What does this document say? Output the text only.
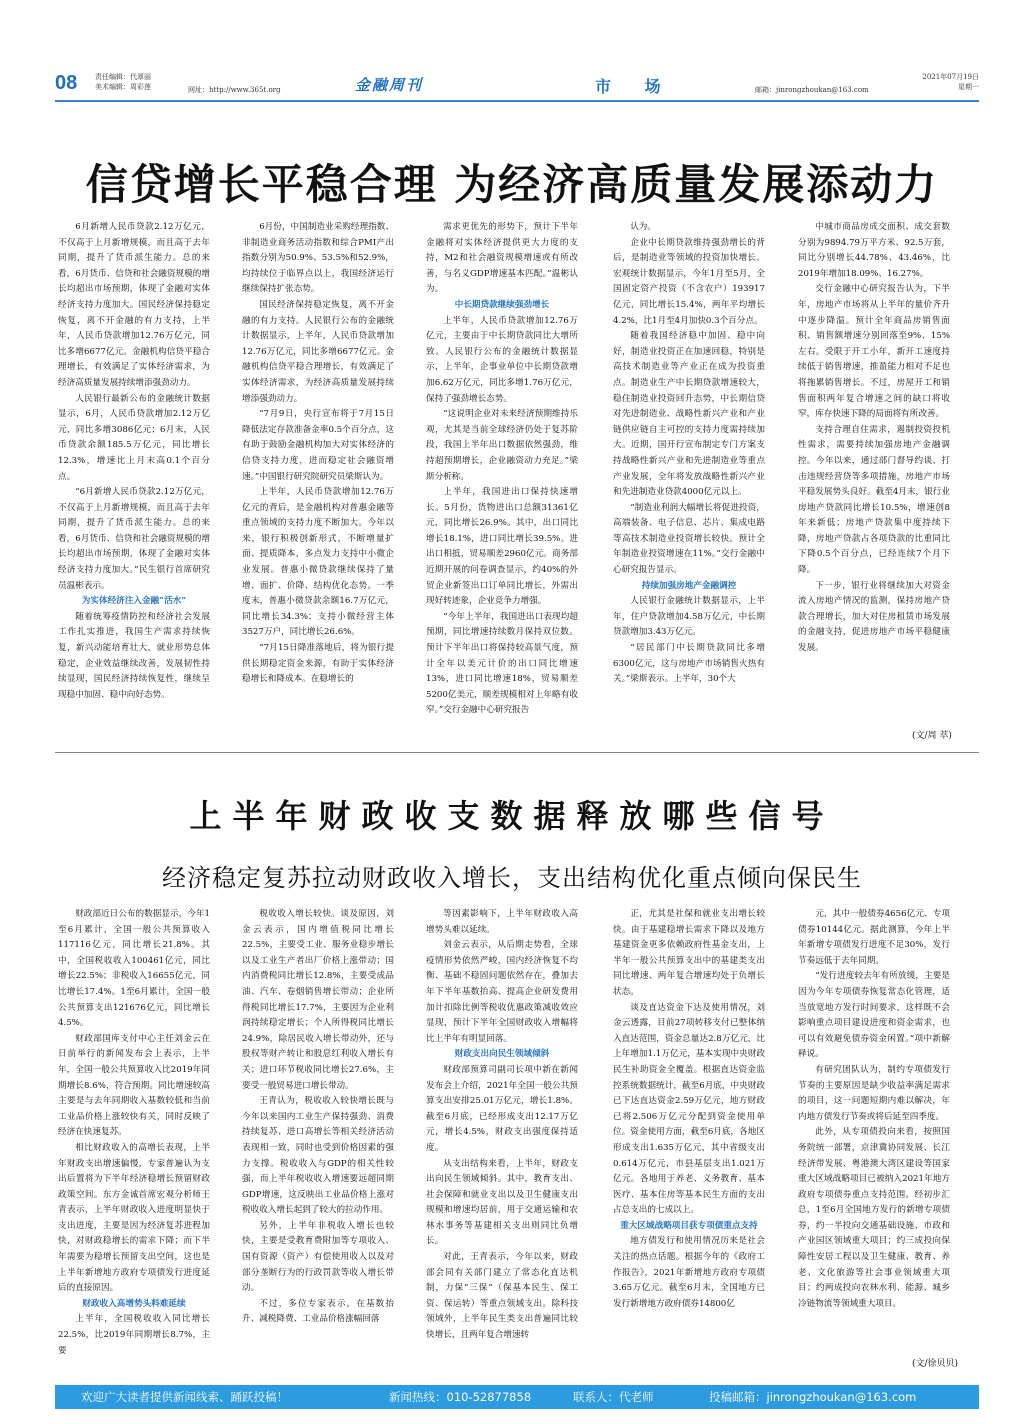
08	责任编辑：代翠丽
美术编辑：周彩莲	网址：http://www.365t.org	金融周刊	市 场	邮箱：jinrongzhoukan@163.com
2021年07月19日
星期一
信贷增长平稳合理 为经济高质量发展添动力

6月新增人民币贷款2.12万亿元，不仅高于上月新增规模，而且高于去年同期，提升了货币派生能力。总的来看，6月货币、信贷和社会融资规模的增长均超出市场预期，体现了金融对实体经济支持力度加大。国民经济保持稳定恢复，离不开金融的有力支持，上半年，人民币贷款增加12.76万亿元，同比多增6677亿元。金融机构信贷平稳合理增长，有效满足了实体经济需求，为经济高质量发展持续增添强劲动力。

人民银行最新公布的金融统计数据显示，6月，人民币贷款增加2.12万亿元，同比多增3086亿元；6月末，人民币贷款余额185.5万亿元，同比增长12.3%，增速比上月末高0.1个百分点。

“6月新增人民币贷款2.12万亿元，不仅高于上月新增规模，而且高于去年同期，提升了货币派生能力。总的来看，6月货币、信贷和社会融资规模的增长均超出市场预期，体现了金融对实体经济支持力度加大。”民生银行首席研究员温彬表示。

为实体经济注入金融“活水”

随着统筹疫情防控和经济社会发展工作扎实推进，我国生产需求持续恢复，新兴动能培育壮大，就业形势总体稳定，企业效益继续改善，发展韧性持续显现，国民经济持续恢复性，继续呈现稳中加固、稳中向好态势。

6月份，中国制造业采购经理指数、非制造业商务活动指数和综合PMI产出指数分别为50.9%、53.5%和52.9%，均持续位于临界点以上，我国经济运行继续保持扩张态势。

国民经济保持稳定恢复，离不开金融的有力支持。人民银行公布的金融统计数据显示，上半年，人民币贷款增加12.76万亿元，同比多增6677亿元。金融机构信贷平稳合理增长，有效满足了实体经济需求，为经济高质量发展持续增添强劲动力。

“7月9日，央行宣布将于7月15日降低法定存款准备金率0.5个百分点，这有助于鼓励金融机构加大对实体经济的信贷支持力度，进而稳定社会融资增速。”中国银行研究院研究员梁斯认为。

上半年，人民币贷款增加12.76万亿元的背后，是金融机构对普惠金融等重点领域的支持力度不断加大。今年以来，银行积极创新形式，不断增量扩面、提质降本，多点发力支持中小微企业发展。普惠小微贷款继续保持了量增、面扩、价降、结构优化态势。一季度末，普惠小微贷款余额16.7万亿元，同比增长34.3%；支持小微经营主体3527万户，同比增长26.6%。

“7月15日降准落地后，将为银行提供长期稳定资金来源，有助于实体经济稳增长和降成本。在稳增长的

需求更优先的形势下，预计下半年金融将对实体经济提供更大力度的支持，M2和社会融资规模增速或有所改善，与名义GDP增速基本匹配。”温彬认为。

中长期贷款继续强劲增长

上半年，人民币贷款增加12.76万亿元，主要由于中长期贷款同比大增所致。人民银行公布的金融统计数据显示，上半年，企事业单位中长期贷款增加6.62万亿元，同比多增1.76万亿元，保持了强劲增长态势。

“这说明企业对未来经济预期维持乐观，尤其是当前全球经济仍处于复苏阶段，我国上半年出口数据依然强劲，维持超预期增长，企业融资动力充足。”梁斯分析称。

上半年，我国进出口保持快速增长。5月份，货物进出口总额31361亿元，同比增长26.9%。其中，出口同比增长18.1%，进口同比增长39.5%。进出口相抵，贸易顺差2960亿元。商务部近期开展的问卷调查显示，约40%的外贸企业新签出口订单同比增长，外需出现好转迹象，企业竞争力增强。

“今年上半年，我国进出口表现均超预期，同比增速持续数月保持双位数。预计下半年出口将保持较高景气度，预计全年以美元计价的出口同比增速13%，进口同比增速18%，贸易顺差5200亿美元，顺差规模相对上年略有收窄。”交行金融中心研究报告

认为。

企业中长期贷款维持强劲增长的背后，是制造业等领域的投资加快增长。宏观统计数据显示，今年1月至5月，全国固定资产投资（不含农户）193917亿元，同比增长15.4%，两年平均增长4.2%，比1月至4月加快0.3个百分点。

随着我国经济稳中加固、稳中向好，制造业投资正在加速回稳，特别是高技术制造业等产业正在成为投资重点。制造业生产中长期贷款增速较大，稳住制造业投资回升态势，中长期信贷对先进制造业、战略性新兴产业和产业链供应链自主可控的支持力度需持续加大。近期，国开行宣布制定专门方案支持战略性新兴产业和先进制造业等重点产业发展，全年将发放战略性新兴产业和先进制造业贷款4000亿元以上。

“制造业利润大幅增长将促进投资，高端装备、电子信息、芯片、集成电路等高技术制造业投资增长较快。预计全年制造业投资增速在11%。”交行金融中心研究报告显示。

持续加强房地产金融调控

人民银行金融统计数据显示，上半年，住户贷款增加4.58万亿元，中长期贷款增加3.43万亿元。

“居民部门中长期贷款同比多增6300亿元，这与房地产市场销售火热有关。”梁斯表示。上半年，30个大

中城市商品房成交面积、成交套数分别为9894.79万平方米、92.5万套，同比分别增长44.78%、43.46%，比2019年增加18.09%、16.27%。

交行金融中心研究报告认为，下半年，房地产市场将从上半年的量价齐升中逐步降温。预计全年商品房销售面积、销售额增速分别回落至9%、15%左右。受限于开工小年，新开工速度持续低于销售增速，推盈能力相对不足也将拖累销售增长。不过，房屋开工和销售面积两年复合增速之间的缺口将收窄，库存快速下降的局面将有所改善。

支持合理自住需求，遏制投资投机性需求，需要持续加强房地产金融调控。今年以来，通过部门督导约谈、打击违规经营贷等多项措施，房地产市场平稳发展势头良好。截至4月末，银行业房地产贷款同比增长10.5%，增速创8年来新低；房地产贷款集中度持续下降，房地产贷款占各项贷款的比重同比下降0.5个百分点，已经连续7个月下降。

下一步，银行业将继续加大对资金流入房地产情况的监测，保持房地产贷款合理增长，加大对住房租赁市场发展的金融支持，促进房地产市场平稳健康发展。

(文/周 萃)
上半年财政收支数据释放哪些信号
经济稳定复苏拉动财政收入增长，支出结构优化重点倾向保民生

财政部近日公布的数据显示，今年1至6月累计，全国一般公共预算收入117116亿元，同比增长21.8%。其中，全国税收收入100461亿元，同比增长22.5%；非税收入16655亿元，同比增长17.4%。1至6月累计，全国一般公共预算支出121676亿元，同比增长4.5%。

财政部国库支付中心主任刘金云在日前举行的新闻发布会上表示，上半年，全国一般公共预算收入比2019年同期增长8.6%，符合预期。同比增速较高主要是与去年同期收入基数较低和当前工业品价格上涨较快有关，同时反映了经济在快速复苏。

相比财政收入的高增长表现，上半年财政支出增速偏慢，专家普遍认为支出后置将为下半年经济稳增长预留财政政策空间。东方金诚首席宏观分析师王青表示，上半年财政收入进度明显快于支出进度，主要是因为经济复苏进程加快，对财政稳增长的需求下降；而下半年需要为稳增长预留支出空间，这也是上半年新增地方政府专项债发行进度延后的直接原因。

财政收入高增势头料难延续

上半年，全国税收收入同比增长22.5%，比2019年同期增长8.7%，主要

税收收入增长较快。谈及原因，刘金云表示，国内增值税同比增长22.5%，主要受工业、服务业稳步增长以及工业生产者出厂价格上涨带动；国内消费税同比增长12.8%，主要受成品油、汽车、卷烟销售增长带动；企业所得税同比增长17.7%，主要因为企业利润持续稳定增长；个人所得税同比增长24.9%，除居民收入增长带动外，还与股权等财产转让和股息红利收入增长有关；进口环节税收同比增长27.6%，主要受一般贸易进口增长带动。

王青认为，税收收入较快增长既与今年以来国内工业生产保持强劲、消费持续复苏、进口高增长等相关经济活动表现相一致，同时也受到价格因素的强力支撑。税收收入与GDP的相关性较强，而上半年税收收入增速要远超同期GDP增速，这反映出工业品价格上涨对税收收入增长起到了较大的拉动作用。

另外，上半年非税收入增长也较快，主要是受教育费附加等专项收入、国有资源（资产）有偿使用收入以及对部分垄断行为的行政罚款等收入增长带动。

不过，多位专家表示，在基数抬升、减税降费、工业品价格涨幅回落

等因素影响下，上半年财政收入高增势头难以延续。

刘金云表示，从后期走势看，全球疫情形势依然严峻，国内经济恢复不均衡、基础不稳固问题依然存在，叠加去年下半年基数抬高、提高企业研发费用加计扣除比例等税收优惠政策减收效应显现，预计下半年全国财政收入增幅将比上半年有明显回落。

财政支出向民生领域倾斜

财政部预算司副司长项中新在新闻发布会上介绍，2021年全国一般公共预算支出安排25.01万亿元，增长1.8%。截至6月底，已经形成支出12.17万亿元，增长4.5%，财政支出强度保持适度。

从支出结构来看，上半年，财政支出向民生领域倾斜。其中，教育支出、社会保障和就业支出以及卫生健康支出规模和增速均居前，用于交通运输和农林水事务等基建相关支出则同比负增长。

对此，王青表示，今年以来，财政部会同有关部门建立了常态化直达机制，力保“三保”（保基本民生、保工资、保运转）等重点领域支出。除科技领域外，上半年民生类支出普遍同比较快增长，且两年复合增速转

正，尤其是社保和就业支出增长较快。由于基建稳增长需求下降以及地方基建资金更多依赖政府性基金支出，上半年一般公共预算支出中的基建类支出同比增速、两年复合增速均处于负增长状态。

谈及直达资金下达及使用情况，刘金云透露，目前27项转移支付已整体纳入直达范围，资金总量达2.8万亿元，比上年增加1.1万亿元，基本实现中央财政民生补助资金全覆盖。根据直达资金监控系统数据统计，截至6月底，中央财政已下达直达资金2.59万亿元，地方财政已将2.506万亿元分配到资金使用单位。资金使用方面，截至6月底，各地区形成支出1.635万亿元，其中省级支出0.614万亿元，市县基层支出1.021万亿元。各地用于养老、义务教育、基本医疗、基本住房等基本民生方面的支出占总支出的七成以上。

重大区域战略项目获专项债重点支持

地方债发行和使用情况历来是社会关注的热点话题。根据今年的《政府工作报告》，2021年新增地方政府专项债3.65万亿元。截至6月末，全国地方已发行新增地方政府债券14800亿

元，其中一般债券4656亿元、专项债券10144亿元。据此测算，今年上半年新增专项债发行进度不足30%，发行节奏远低于去年同期。

“发行进度较去年有所放缓，主要是因为今年专项债券恢复常态化管理，适当放宽地方发行时间要求，这样既不会影响重点项目建设进度和资金需求，也可以有效避免债券资金闲置。”项中新解释说。

有研究团队认为，制约专项债发行节奏的主要原因是缺少收益率满足需求的项目，这一问题短期内难以解决，年内地方债发行节奏或将后延至四季度。

此外，从专项债投向来看，按照国务院统一部署，京津冀协同发展、长江经济带发展、粤港澳大湾区建设等国家重大区域战略项目已被纳入2021年地方政府专项债券重点支持范围。经初步汇总，1至6月全国地方发行的新增专项债券，约一半投向交通基础设施、市政和产业园区领域重大项目；约三成投向保障性安居工程以及卫生健康、教育、养老、文化旅游等社会事业领域重大项目；约两成投向农林水利、能源、城乡冷链物流等领域重大项目。

(文/徐贝贝)
欢迎广大读者提供新闻线索、踊跃投稿！	新闻热线：010-52877858	联系人：代老师	投稿邮箱：jinrongzhoukan@163.com
